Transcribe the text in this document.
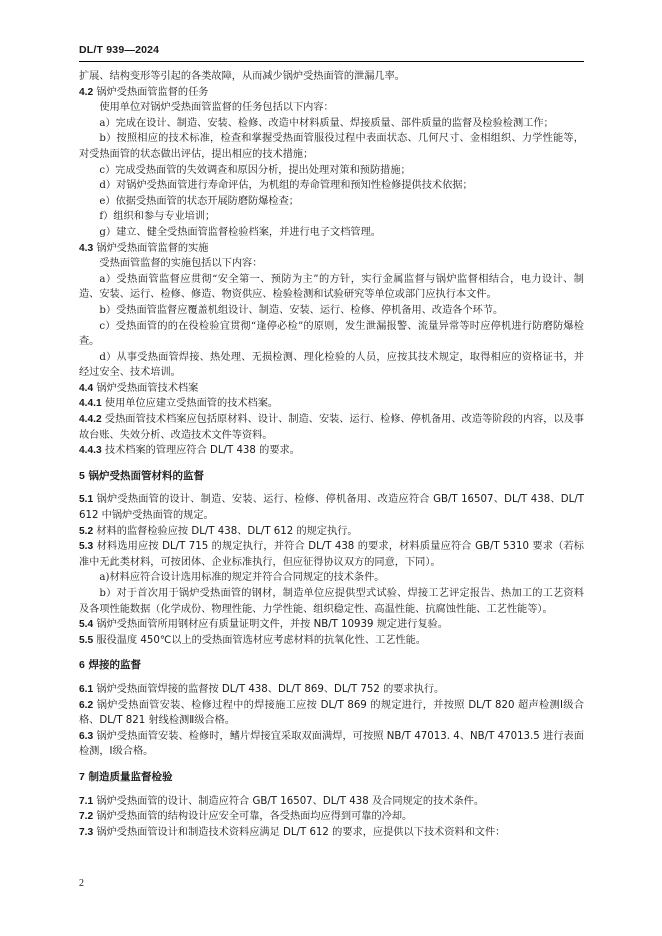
DL/T 939—2024
扩展、结构变形等引起的各类故障，从而减少锅炉受热面管的泄漏几率。
4.2 锅炉受热面管监督的任务
使用单位对锅炉受热面管监督的任务包括以下内容：
a）完成在设计、制造、安装、检修、改造中材料质量、焊接质量、部件质量的监督及检验检测工作；
b）按照相应的技术标准，检查和掌握受热面管服役过程中表面状态、几何尺寸、金相组织、力学性能等，对受热面管的状态做出评估，提出相应的技术措施；
c）完成受热面管的失效调查和原因分析，提出处理对策和预防措施；
d）对锅炉受热面管进行寿命评估，为机组的寿命管理和预知性检修提供技术依据；
e）依据受热面管的状态开展防磨防爆检查；
f）组织和参与专业培训；
g）建立、健全受热面管监督检验档案，并进行电子文档管理。
4.3 锅炉受热面管监督的实施
受热面管监督的实施包括以下内容：
a）受热面管监督应贯彻“安全第一、预防为主”的方针，实行金属监督与锅炉监督相结合，电力设计、制造、安装、运行、检修、修造、物资供应、检验检测和试验研究等单位或部门应执行本文件。
b）受热面管监督应覆盖机组设计、制造、安装、运行、检修、停机备用、改造各个环节。
c）受热面管的的在役检验宜贯彻“逢停必检”的原则，发生泄漏报警、流量异常等时应停机进行防磨防爆检查。
d）从事受热面管焊接、热处理、无损检测、理化检验的人员，应按其技术规定，取得相应的资格证书，并经过安全、技术培训。
4.4 锅炉受热面管技术档案
4.4.1 使用单位应建立受热面管的技术档案。
4.4.2 受热面管技术档案应包括原材料、设计、制造、安装、运行、检修、停机备用、改造等阶段的内容，以及事故台账、失效分析、改造技术文件等资料。
4.4.3 技术档案的管理应符合 DL/T 438 的要求。
5 锅炉受热面管材料的监督
5.1 锅炉受热面管的设计、制造、安装、运行、检修、停机备用、改造应符合 GB/T 16507、DL/T 438、DL/T 612 中锅炉受热面管的规定。
5.2 材料的监督检验应按 DL/T 438、DL/T 612 的规定执行。
5.3 材料选用应按 DL/T 715 的规定执行，并符合 DL/T 438 的要求，材料质量应符合 GB/T 5310 要求（若标准中无此类材料，可按团体、企业标准执行，但应征得协议双方的同意，下同）。
a)材料应符合设计选用标准的规定并符合合同规定的技术条件。
b）对于首次用于锅炉受热面管的钢材，制造单位应提供型式试验、焊接工艺评定报告、热加工的工艺资料及各项性能数据（化学成份、物理性能、力学性能、组织稳定性、高温性能、抗腐蚀性能、工艺性能等）。
5.4 锅炉受热面管所用钢材应有质量证明文件，并按 NB/T 10939 规定进行复验。
5.5 服役温度 450℃以上的受热面管选材应考虑材料的抗氧化性、工艺性能。
6 焊接的监督
6.1 锅炉受热面管焊接的监督按 DL/T 438、DL/T 869、DL/T 752 的要求执行。
6.2 锅炉受热面管安装、检修过程中的焊接施工应按 DL/T 869 的规定进行，并按照 DL/T 820 超声检测Ⅰ级合格、DL/T 821 射线检测Ⅱ级合格。
6.3 锅炉受热面管安装、检修时，鳍片焊接宜采取双面满焊，可按照 NB/T 47013. 4、NB/T 47013.5 进行表面检测，Ⅰ级合格。
7 制造质量监督检验
7.1 锅炉受热面管的设计、制造应符合 GB/T 16507、DL/T 438 及合同规定的技术条件。
7.2 锅炉受热面管的结构设计应安全可靠，各受热面均应得到可靠的冷却。
7.3 锅炉受热面管设计和制造技术资料应满足 DL/T 612 的要求，应提供以下技术资料和文件：
2
